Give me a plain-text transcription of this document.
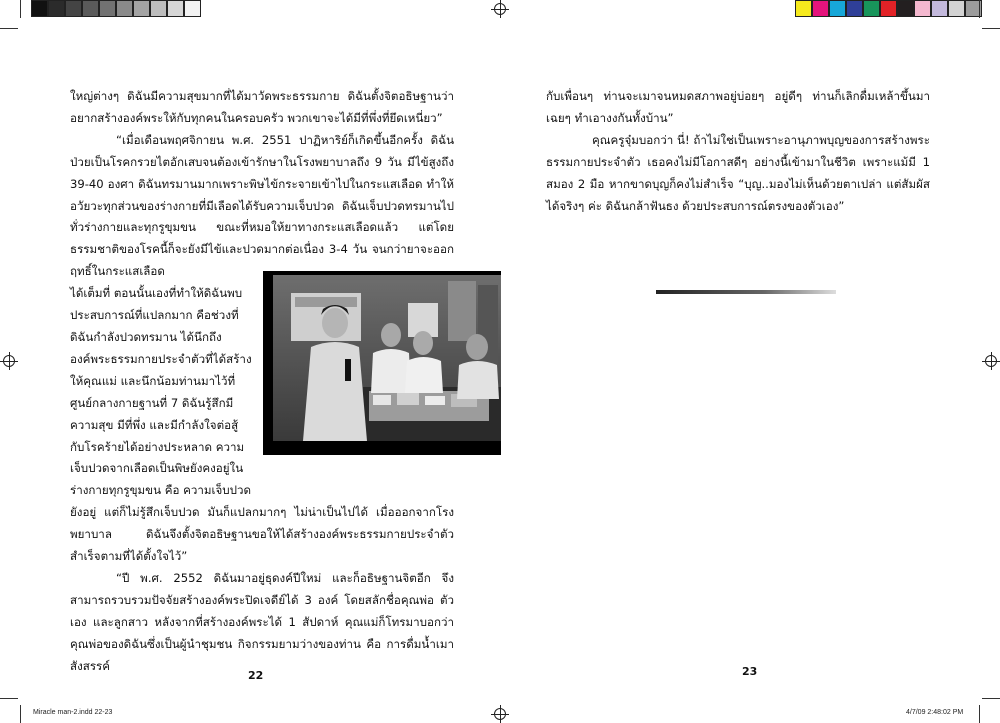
ใหญ่ต่างๆ ดิฉันมีความสุขมากที่ได้มาวัดพระธรรมกาย ดิฉันตั้งจิตอธิษฐานว่าอยากสร้างองค์พระให้กับทุกคนในครอบครัว พวกเขาจะได้มีที่พึ่งที่ยึดเหนี่ยว”

“เมื่อเดือนพฤศจิกายน พ.ศ. 2551 ปาฏิหาริย์ก็เกิดขึ้นอีกครั้ง ดิฉันป่วยเป็นโรคกรวยไตอักเสบจนต้องเข้ารักษาในโรงพยาบาลถึง 9 วัน มีไข้สูงถึง 39-40 องศา ดิฉันทรมานมากเพราะพิษไข้กระจายเข้าไปในกระแสเลือด ทำให้อวัยวะทุกส่วนของร่างกายที่มีเลือดได้รับความเจ็บปวด ดิฉันเจ็บปวดทรมานไปทั่วร่างกายและทุกรูขุมขน ขณะที่หมอให้ยาทางกระแสเลือดแล้ว แต่โดยธรรมชาติของโรคนี้ก็จะยังมีไข้และปวดมากต่อเนื่อง 3-4 วัน จนกว่ายาจะออกฤทธิ์ในกระแสเลือด

ได้เต็มที่ ตอนนั้นเองที่ทำให้ดิฉันพบ
ประสบการณ์ที่แปลกมาก คือช่วงที่
ดิฉันกำลังปวดทรมาน ได้นึกถึง
องค์พระธรรมกายประจำตัวที่ได้สร้าง
ให้คุณแม่ และนึกน้อมท่านมาไว้ที่
ศูนย์กลางกายฐานที่ 7 ดิฉันรู้สึกมี
ความสุข มีที่พึ่ง และมีกำลังใจต่อสู้
กับโรคร้ายได้อย่างประหลาด ความ
เจ็บปวดจากเลือดเป็นพิษยังคงอยู่ใน
ร่างกายทุกรูขุมขน คือ ความเจ็บปวด

ยังอยู่ แต่ก็ไม่รู้สึกเจ็บปวด มันก็แปลกมากๆ ไม่น่าเป็นไปได้ เมื่อออกจากโรงพยาบาล ดิฉันจึงตั้งจิตอธิษฐานขอให้ได้สร้างองค์พระธรรมกายประจำตัวสำเร็จตามที่ได้ตั้งใจไว้”

“ปี พ.ศ. 2552 ดิฉันมาอยู่ธุดงค์ปีใหม่ และก็อธิษฐานจิตอีก จึงสามารถรวบรวมปัจจัยสร้างองค์พระปิดเจดีย์ได้ 3 องค์ โดยสลักชื่อคุณพ่อ ตัวเอง และลูกสาว หลังจากที่สร้างองค์พระได้ 1 สัปดาห์ คุณแม่ก็โทรมาบอกว่าคุณพ่อของดิฉันซึ่งเป็นผู้นำชุมชน กิจกรรมยามว่างของท่าน คือ การดื่มน้ำเมาสังสรรค์

22

กับเพื่อนๆ ท่านจะเมาจนหมดสภาพอยู่บ่อยๆ อยู่ดีๆ ท่านก็เลิกดื่มเหล้าขึ้นมาเฉยๆ ทำเอางงกันทั้งบ้าน”

คุณครูจุ๋มบอกว่า นี่! ถ้าไม่ใช่เป็นเพราะอานุภาพบุญของการสร้างพระธรรมกายประจำตัว เธอคงไม่มีโอกาสดีๆ อย่างนี้เข้ามาในชีวิต เพราะแม้มี 1 สมอง 2 มือ หากขาดบุญก็คงไม่สำเร็จ “บุญ..มองไม่เห็นด้วยตาเปล่า แต่สัมผัสได้จริงๆ ค่ะ ดิฉันกล้าฟันธง ด้วยประสบการณ์ตรงของตัวเอง”

23
Miracle man-2.indd 22-23	4/7/09 2:48:02 PM
